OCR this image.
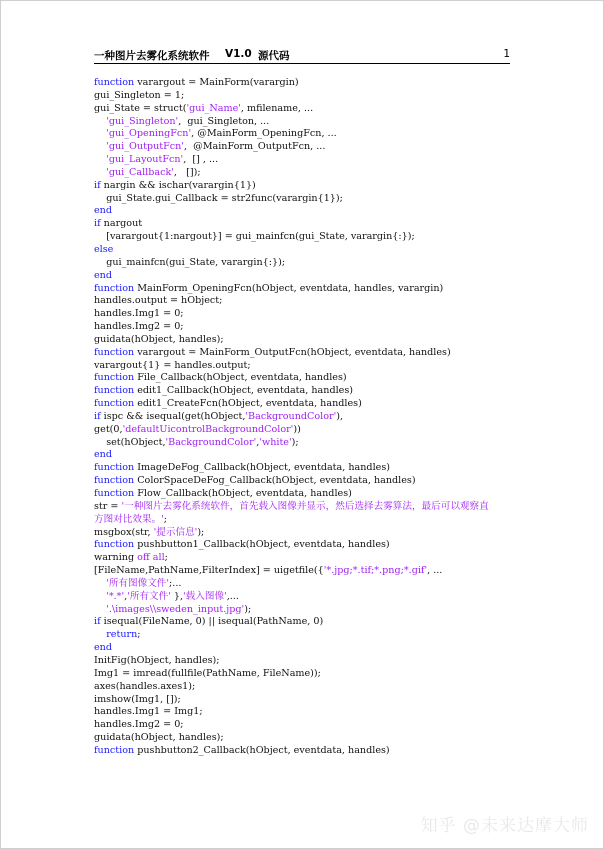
一种图片去雾化系统软件 V1.0 源代码	1
function varargout = MainForm(varargin)
gui_Singleton = 1;
gui_State = struct('gui_Name', mfilename, ...
'gui_Singleton',  gui_Singleton, ...
'gui_OpeningFcn', @MainForm_OpeningFcn, ...
'gui_OutputFcn',  @MainForm_OutputFcn, ...
'gui_LayoutFcn',  [] , ...
'gui_Callback',   []);
if nargin && ischar(varargin{1})
gui_State.gui_Callback = str2func(varargin{1});
end
if nargout
[varargout{1:nargout}] = gui_mainfcn(gui_State, varargin{:});
else
gui_mainfcn(gui_State, varargin{:});
end
function MainForm_OpeningFcn(hObject, eventdata, handles, varargin)
handles.output = hObject;
handles.Img1 = 0;
handles.Img2 = 0;
guidata(hObject, handles);
function varargout = MainForm_OutputFcn(hObject, eventdata, handles)
varargout{1} = handles.output;
function File_Callback(hObject, eventdata, handles)
function edit1_Callback(hObject, eventdata, handles)
function edit1_CreateFcn(hObject, eventdata, handles)
if ispc && isequal(get(hObject,'BackgroundColor'),
get(0,'defaultUicontrolBackgroundColor'))
set(hObject,'BackgroundColor','white');
end
function ImageDeFog_Callback(hObject, eventdata, handles)
function ColorSpaceDeFog_Callback(hObject, eventdata, handles)
function Flow_Callback(hObject, eventdata, handles)
str = '一种图片去雾化系统软件，首先载入图像并显示，然后选择去雾算法，最后可以观察直
方图对比效果。';
msgbox(str, '提示信息');
function pushbutton1_Callback(hObject, eventdata, handles)
warning off all;
[FileName,PathName,FilterIndex] = uigetfile({'*.jpg;*.tif;*.png;*.gif', ...
'所有图像文件';...
'*.*','所有文件' },'载入图像',...
'.\images\\sweden_input.jpg');
if isequal(FileName, 0) || isequal(PathName, 0)
return;
end
InitFig(hObject, handles);
Img1 = imread(fullfile(PathName, FileName));
axes(handles.axes1);
imshow(Img1, []);
handles.Img1 = Img1;
handles.Img2 = 0;
guidata(hObject, handles);
function pushbutton2_Callback(hObject, eventdata, handles)
知乎 @未来达摩大师
